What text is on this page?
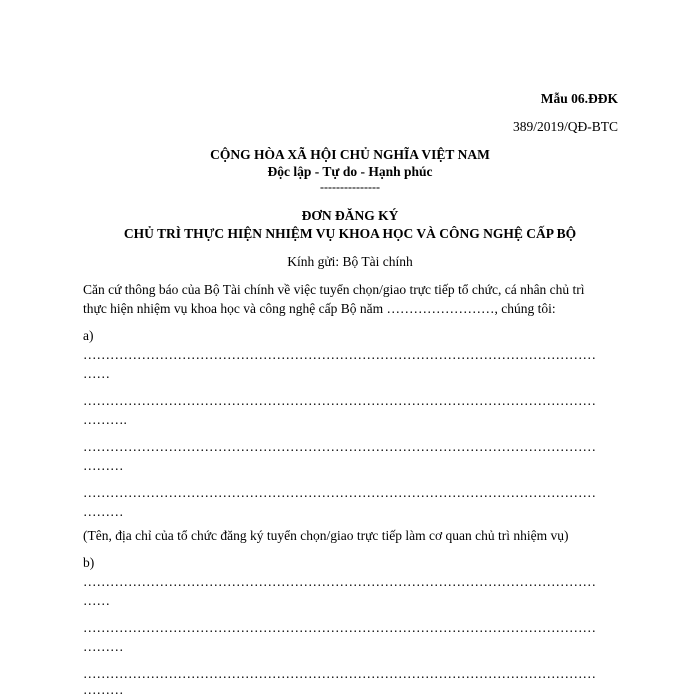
Mẫu 06.ĐĐK
389/2019/QĐ-BTC
CỘNG HÒA XÃ HỘI CHỦ NGHĨA VIỆT NAM
Độc lập - Tự do - Hạnh phúc
---------------
ĐƠN ĐĂNG KÝ
CHỦ TRÌ THỰC HIỆN NHIỆM VỤ KHOA HỌC VÀ CÔNG NGHỆ CẤP BỘ
Kính gửi: Bộ Tài chính
Căn cứ thông báo của Bộ Tài chính về việc tuyển chọn/giao trực tiếp tổ chức, cá nhân chủ trì
thực hiện nhiệm vụ khoa học và công nghệ cấp Bộ năm ……………………, chúng tôi:
a)
……………………………………………………………………………………………………
……
……………………………………………………………………………………………………
……….
……………………………………………………………………………………………………
………
……………………………………………………………………………………………………
………
(Tên, địa chỉ của tổ chức đăng ký tuyển chọn/giao trực tiếp làm cơ quan chủ trì nhiệm vụ)
b)
……………………………………………………………………………………………………
……
……………………………………………………………………………………………………
………
……………………………………………………………………………………………………
………
